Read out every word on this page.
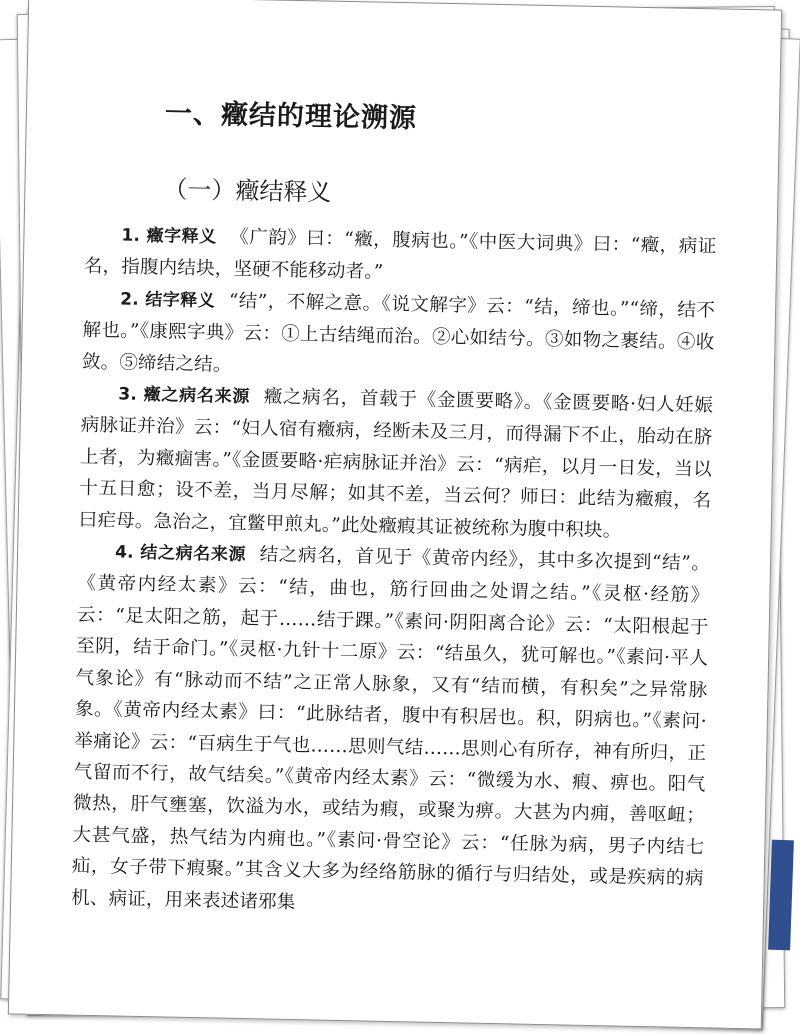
一、癥结的理论溯源
（一）癥结释义

1. 癥字释义 《广韵》曰：“癥，腹病也。”《中医大词典》曰：“癥，病证名，指腹内结块，坚硬不能移动者。”

2. 结字释义 “结”，不解之意。《说文解字》云：“结，缔也。”“缔，结不解也。”《康熙字典》云：①上古结绳而治。②心如结兮。③如物之裹结。④收敛。⑤缔结之结。

3. 癥之病名来源 癥之病名，首载于《金匮要略》。《金匮要略·妇人妊娠病脉证并治》云：“妇人宿有癥病，经断未及三月，而得漏下不止，胎动在脐上者，为癥痼害。”《金匮要略·疟病脉证并治》云：“病疟，以月一日发，当以十五日愈；设不差，当月尽解；如其不差，当云何？师曰：此结为癥瘕，名曰疟母。急治之，宜鳖甲煎丸。”此处癥瘕其证被统称为腹中积块。

4. 结之病名来源 结之病名，首见于《黄帝内经》，其中多次提到“结”。《黄帝内经太素》云：“结，曲也，筋行回曲之处谓之结。”《灵枢·经筋》云：“足太阳之筋，起于……结于踝。”《素问·阴阳离合论》云：“太阳根起于至阴，结于命门。”《灵枢·九针十二原》云：“结虽久，犹可解也。”《素问·平人气象论》有“脉动而不结”之正常人脉象，又有“结而横，有积矣”之异常脉象。《黄帝内经太素》曰：“此脉结者，腹中有积居也。积，阴病也。”《素问·举痛论》云：“百病生于气也……思则气结……思则心有所存，神有所归，正气留而不行，故气结矣。”《黄帝内经太素》云：“微缓为水、瘕、痹也。阳气微热，肝气壅塞，饮溢为水，或结为瘕，或聚为痹。大甚为内痈，善呕衄；大甚气盛，热气结为内痈也。”《素问·骨空论》云：“任脉为病，男子内结七疝，女子带下瘕聚。”其含义大多为经络筋脉的循行与归结处，或是疾病的病机、病证，用来表述诸邪集
